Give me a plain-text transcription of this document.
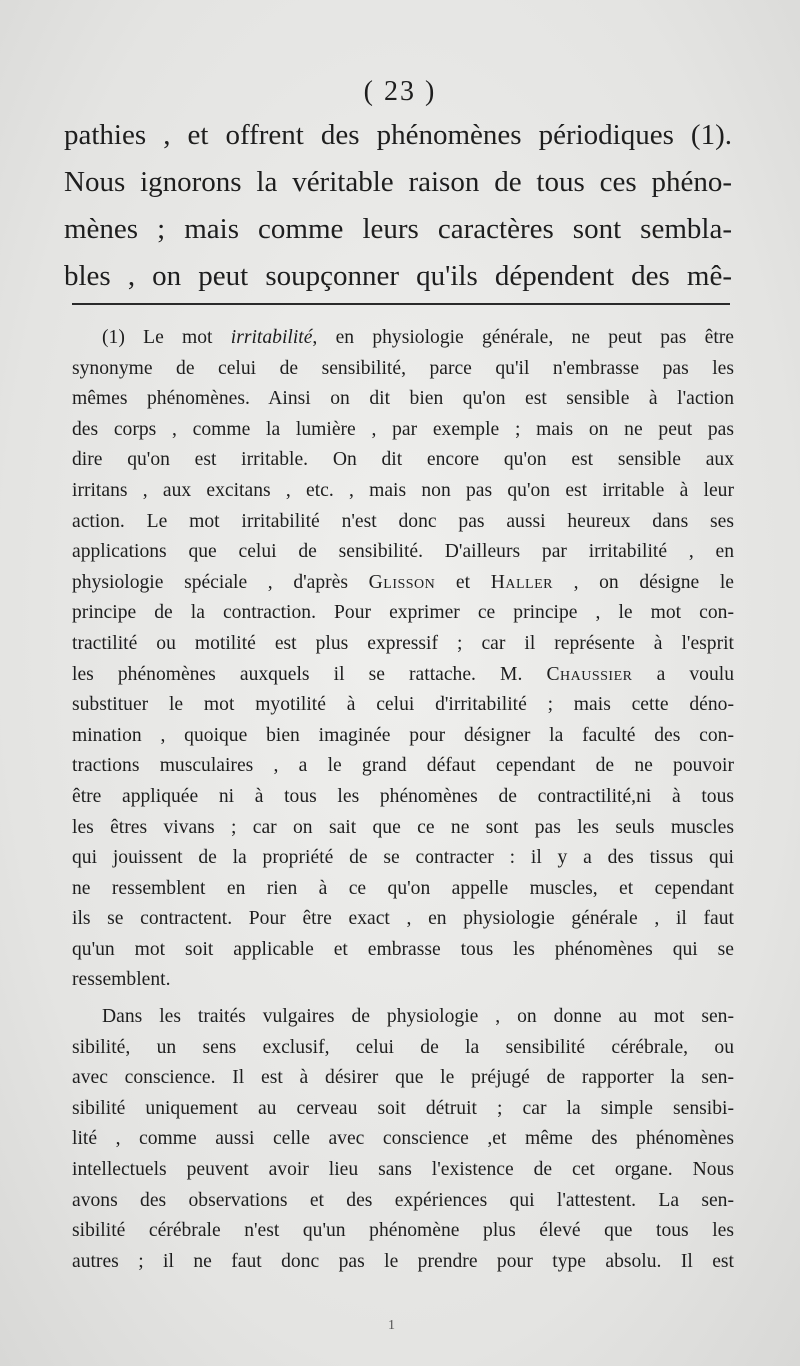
( 23 )
pathies , et offrent des phénomènes périodiques (1).
Nous ignorons la véritable raison de tous ces phéno-
mènes ; mais comme leurs caractères sont sembla-
bles , on peut soupçonner qu'ils dépendent des mê-
(1) Le mot irritabilité, en physiologie générale, ne peut pas être
synonyme de celui de sensibilité, parce qu'il n'embrasse pas les
mêmes phénomènes. Ainsi on dit bien qu'on est sensible à l'action
des corps , comme la lumière , par exemple ; mais on ne peut pas
dire qu'on est irritable. On dit encore qu'on est sensible aux
irritans , aux excitans , etc. , mais non pas qu'on est irritable à leur
action. Le mot irritabilité n'est donc pas aussi heureux dans ses
applications que celui de sensibilité. D'ailleurs par irritabilité , en
physiologie spéciale , d'après Glisson et Haller , on désigne le
principe de la contraction. Pour exprimer ce principe , le mot con-
tractilité ou motilité est plus expressif ; car il représente à l'esprit
les phénomènes auxquels il se rattache. M. Chaussier a voulu
substituer le mot myotilité à celui d'irritabilité ; mais cette déno-
mination , quoique bien imaginée pour désigner la faculté des con-
tractions musculaires , a le grand défaut cependant de ne pouvoir
être appliquée ni à tous les phénomènes de contractilité,ni à tous
les êtres vivans ; car on sait que ce ne sont pas les seuls muscles
qui jouissent de la propriété de se contracter : il y a des tissus qui
ne ressemblent en rien à ce qu'on appelle muscles, et cependant
ils se contractent. Pour être exact , en physiologie générale , il faut
qu'un mot soit applicable et embrasse tous les phénomènes qui se
ressemblent.
Dans les traités vulgaires de physiologie , on donne au mot sen-
sibilité, un sens exclusif, celui de la sensibilité cérébrale, ou
avec conscience. Il est à désirer que le préjugé de rapporter la sen-
sibilité uniquement au cerveau soit détruit ; car la simple sensibi-
lité , comme aussi celle avec conscience ,et même des phénomènes
intellectuels peuvent avoir lieu sans l'existence de cet organe. Nous
avons des observations et des expériences qui l'attestent. La sen-
sibilité cérébrale n'est qu'un phénomène plus élevé que tous les
autres ; il ne faut donc pas le prendre pour type absolu. Il est
1
